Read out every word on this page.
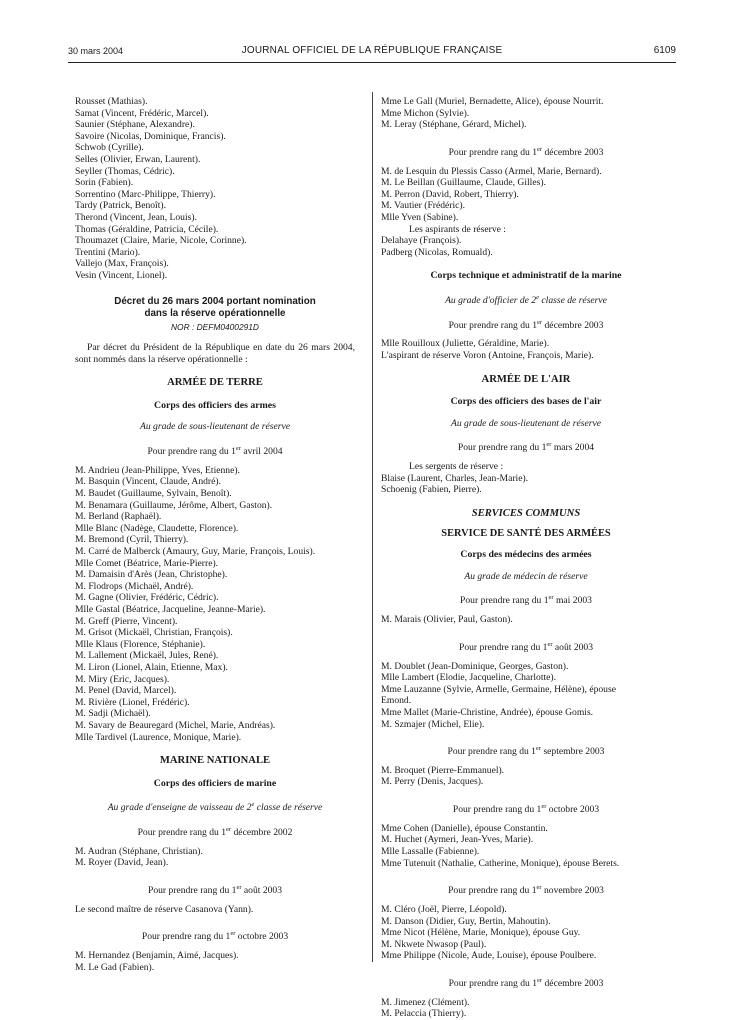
30 mars 2004	JOURNAL OFFICIEL DE LA RÉPUBLIQUE FRANÇAISE	6109
Rousset (Mathias).
Samat (Vincent, Frédéric, Marcel).
Saunier (Stéphane, Alexandre).
Savoire (Nicolas, Dominique, Francis).
Schwob (Cyrille).
Selles (Olivier, Erwan, Laurent).
Seyller (Thomas, Cédric).
Sorin (Fabien).
Sorrentino (Marc-Philippe, Thierry).
Tardy (Patrick, Benoît).
Therond (Vincent, Jean, Louis).
Thomas (Géraldine, Patricia, Cécile).
Thoumazet (Claire, Marie, Nicole, Corinne).
Trentini (Mario).
Vallejo (Max, François).
Vesin (Vincent, Lionel).
Décret du 26 mars 2004 portant nomination
dans la réserve opérationnelle
NOR : DEFM0400291D
Par décret du Président de la République en date du 26 mars 2004, sont nommés dans la réserve opérationnelle :
ARMÉE DE TERRE
Corps des officiers des armes
Au grade de sous-lieutenant de réserve
Pour prendre rang du 1er avril 2004
M. Andrieu (Jean-Philippe, Yves, Etienne).
M. Basquin (Vincent, Claude, André).
M. Baudet (Guillaume, Sylvain, Benoît).
M. Benamara (Guillaume, Jérôme, Albert, Gaston).
M. Berland (Raphaël).
Mlle Blanc (Nadège, Claudette, Florence).
M. Bremond (Cyril, Thierry).
M. Carré de Malberck (Amaury, Guy, Marie, François, Louis).
Mlle Comet (Béatrice, Marie-Pierre).
M. Damaisin d'Arès (Jean, Christophe).
M. Flodrops (Michaël, André).
M. Gagne (Olivier, Frédéric, Cédric).
Mlle Gastal (Béatrice, Jacqueline, Jeanne-Marie).
M. Greff (Pierre, Vincent).
M. Grisot (Mickaël, Christian, François).
Mlle Klaus (Florence, Stéphanie).
M. Lallement (Mickaël, Jules, René).
M. Liron (Lionel, Alain, Etienne, Max).
M. Miry (Eric, Jacques).
M. Penel (David, Marcel).
M. Rivière (Lionel, Frédéric).
M. Sadji (Michaël).
M. Savary de Beauregard (Michel, Marie, Andréas).
Mlle Tardivel (Laurence, Monique, Marie).
MARINE NATIONALE
Corps des officiers de marine
Au grade d'enseigne de vaisseau de 2e classe de réserve
Pour prendre rang du 1er décembre 2002
M. Audran (Stéphane, Christian).
M. Royer (David, Jean).
Pour prendre rang du 1er août 2003
Le second maître de réserve Casanova (Yann).
Pour prendre rang du 1er octobre 2003
M. Hernandez (Benjamin, Aimé, Jacques).
M. Le Gad (Fabien).
Mme Le Gall (Muriel, Bernadette, Alice), épouse Nourrit.
Mme Michon (Sylvie).
M. Leray (Stéphane, Gérard, Michel).
Pour prendre rang du 1er décembre 2003
M. de Lesquin du Plessis Casso (Armel, Marie, Bernard).
M. Le Beillan (Guillaume, Claude, Gilles).
M. Perron (David, Robert, Thierry).
M. Vautier (Frédéric).
Mlle Yven (Sabine).
Les aspirants de réserve :
Delahaye (François).
Padberg (Nicolas, Romuald).
Corps technique et administratif de la marine
Au grade d'officier de 2e classe de réserve
Pour prendre rang du 1er décembre 2003
Mlle Rouilloux (Juliette, Géraldine, Marie).
L'aspirant de réserve Voron (Antoine, François, Marie).
ARMÉE DE L'AIR
Corps des officiers des bases de l'air
Au grade de sous-lieutenant de réserve
Pour prendre rang du 1er mars 2004
Les sergents de réserve :
Blaise (Laurent, Charles, Jean-Marie).
Schoenig (Fabien, Pierre).
SERVICES COMMUNS
SERVICE DE SANTÉ DES ARMÉES
Corps des médecins des armées
Au grade de médecin de réserve
Pour prendre rang du 1er mai 2003
M. Marais (Olivier, Paul, Gaston).
Pour prendre rang du 1er août 2003
M. Doublet (Jean-Dominique, Georges, Gaston).
Mlle Lambert (Elodie, Jacqueline, Charlotte).
Mme Lauzanne (Sylvie, Armelle, Germaine, Hélène), épouse
Emond.
Mme Mallet (Marie-Christine, Andrée), épouse Gomis.
M. Szmajer (Michel, Elie).
Pour prendre rang du 1er septembre 2003
M. Broquet (Pierre-Emmanuel).
M. Perry (Denis, Jacques).
Pour prendre rang du 1er octobre 2003
Mme Cohen (Danielle), épouse Constantin.
M. Huchet (Aymeri, Jean-Yves, Marie).
Mlle Lassalle (Fabienne).
Mme Tutenuit (Nathalie, Catherine, Monique), épouse Berets.
Pour prendre rang du 1er novembre 2003
M. Cléro (Joël, Pierre, Léopold).
M. Danson (Didier, Guy, Bertin, Mahoutin).
Mme Nicot (Hélène, Marie, Monique), épouse Guy.
M. Nkwete Nwasop (Paul).
Mme Philippe (Nicole, Aude, Louise), épouse Poulbere.
Pour prendre rang du 1er décembre 2003
M. Jimenez (Clément).
M. Pelaccia (Thierry).
